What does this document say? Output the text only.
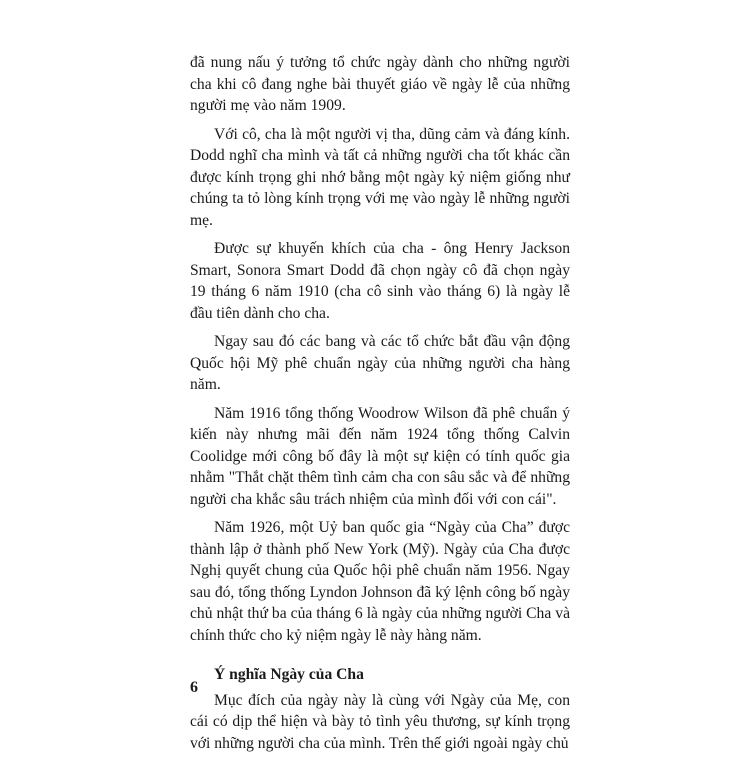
đã nung nấu ý tưởng tổ chức ngày dành cho những người cha khi cô đang nghe bài thuyết giáo về ngày lễ của những người mẹ vào năm 1909.

Với cô, cha là một người vị tha, dũng cảm và đáng kính. Dodd nghĩ cha mình và tất cả những người cha tốt khác cần được kính trọng ghi nhớ bằng một ngày kỷ niệm giống như chúng ta tỏ lòng kính trọng với mẹ vào ngày lễ những người mẹ.

Được sự khuyến khích của cha - ông Henry Jackson Smart, Sonora Smart Dodd đã chọn ngày cô đã chọn ngày 19 tháng 6 năm 1910 (cha cô sinh vào tháng 6) là ngày lễ đầu tiên dành cho cha.

Ngay sau đó các bang và các tổ chức bắt đầu vận động Quốc hội Mỹ phê chuẩn ngày của những người cha hàng năm.

Năm 1916 tổng thống Woodrow Wilson đã phê chuẩn ý kiến này nhưng mãi đến năm 1924 tổng thống Calvin Coolidge mới công bố đây là một sự kiện có tính quốc gia nhằm "Thắt chặt thêm tình cảm cha con sâu sắc và để những người cha khắc sâu trách nhiệm của mình đối với con cái".

Năm 1926, một Uỷ ban quốc gia “Ngày của Cha” được thành lập ở thành phố New York (Mỹ). Ngày của Cha được Nghị quyết chung của Quốc hội phê chuẩn năm 1956. Ngay sau đó, tổng thống Lyndon Johnson đã ký lệnh công bố ngày chủ nhật thứ ba của tháng 6 là ngày của những người Cha và chính thức cho kỷ niệm ngày lễ này hàng năm.

Ý nghĩa Ngày của Cha

Mục đích của ngày này là cùng với Ngày của Mẹ, con cái có dịp thể hiện và bày tỏ tình yêu thương, sự kính trọng với những người cha của mình. Trên thế giới ngoài ngày chủ

6
